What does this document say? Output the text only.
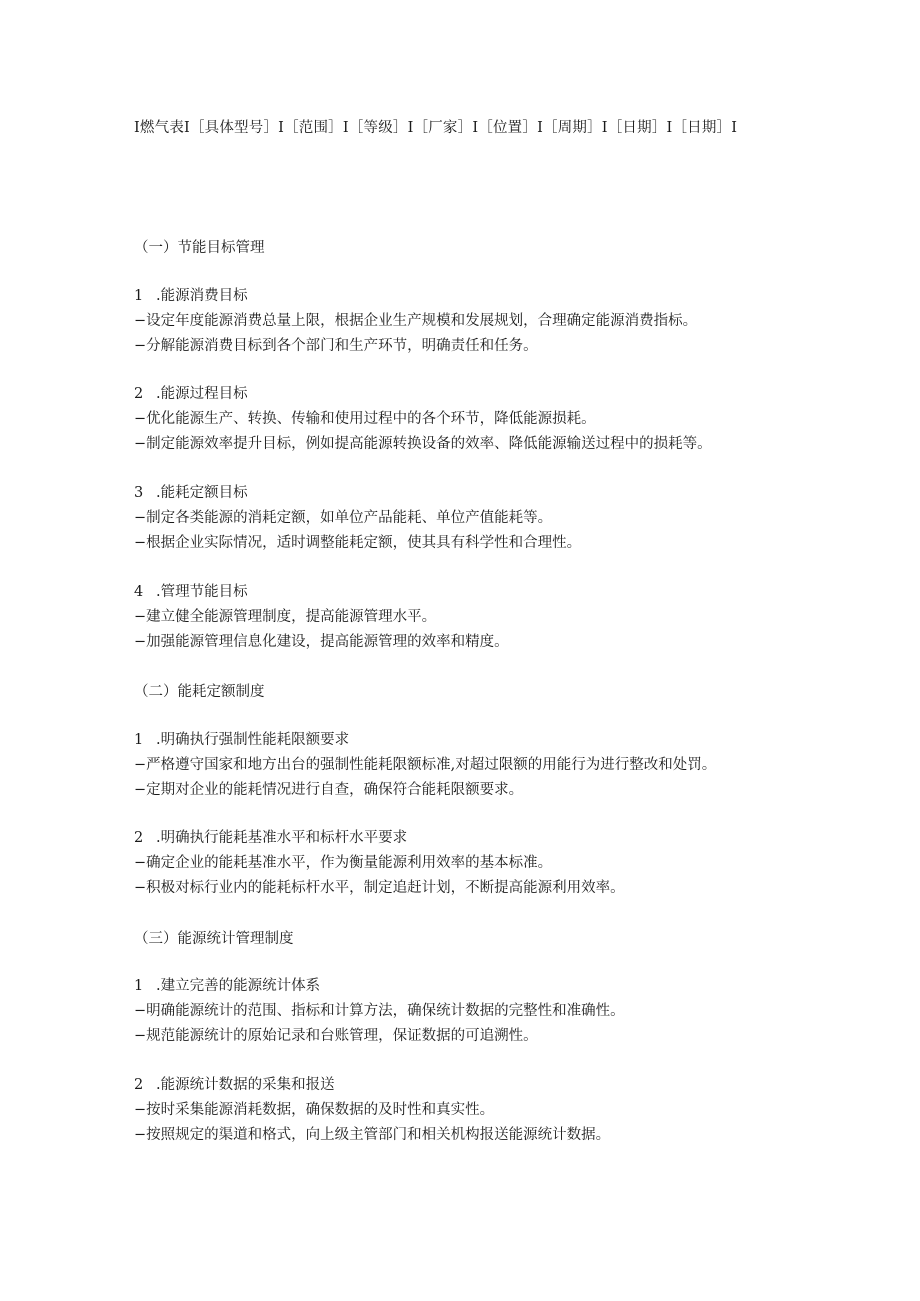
I燃气表I［具体型号］I［范围］I［等级］I［厂家］I［位置］I［周期］I［日期］I［日期］I
（一）节能目标管理
1 .能源消费目标
−设定年度能源消费总量上限，根据企业生产规模和发展规划，合理确定能源消费指标。
−分解能源消费目标到各个部门和生产环节，明确责任和任务。
2 .能源过程目标
−优化能源生产、转换、传输和使用过程中的各个环节，降低能源损耗。
−制定能源效率提升目标，例如提高能源转换设备的效率、降低能源输送过程中的损耗等。
3 .能耗定额目标
−制定各类能源的消耗定额，如单位产品能耗、单位产值能耗等。
−根据企业实际情况，适时调整能耗定额，使其具有科学性和合理性。
4 .管理节能目标
−建立健全能源管理制度，提高能源管理水平。
−加强能源管理信息化建设，提高能源管理的效率和精度。
（二）能耗定额制度
1 .明确执行强制性能耗限额要求
−严格遵守国家和地方出台的强制性能耗限额标准,对超过限额的用能行为进行整改和处罚。
−定期对企业的能耗情况进行自查，确保符合能耗限额要求。
2 .明确执行能耗基准水平和标杆水平要求
−确定企业的能耗基准水平，作为衡量能源利用效率的基本标准。
−积极对标行业内的能耗标杆水平，制定追赶计划，不断提高能源利用效率。
（三）能源统计管理制度
1 .建立完善的能源统计体系
−明确能源统计的范围、指标和计算方法，确保统计数据的完整性和准确性。
−规范能源统计的原始记录和台账管理，保证数据的可追溯性。
2 .能源统计数据的采集和报送
−按时采集能源消耗数据，确保数据的及时性和真实性。
−按照规定的渠道和格式，向上级主管部门和相关机构报送能源统计数据。
